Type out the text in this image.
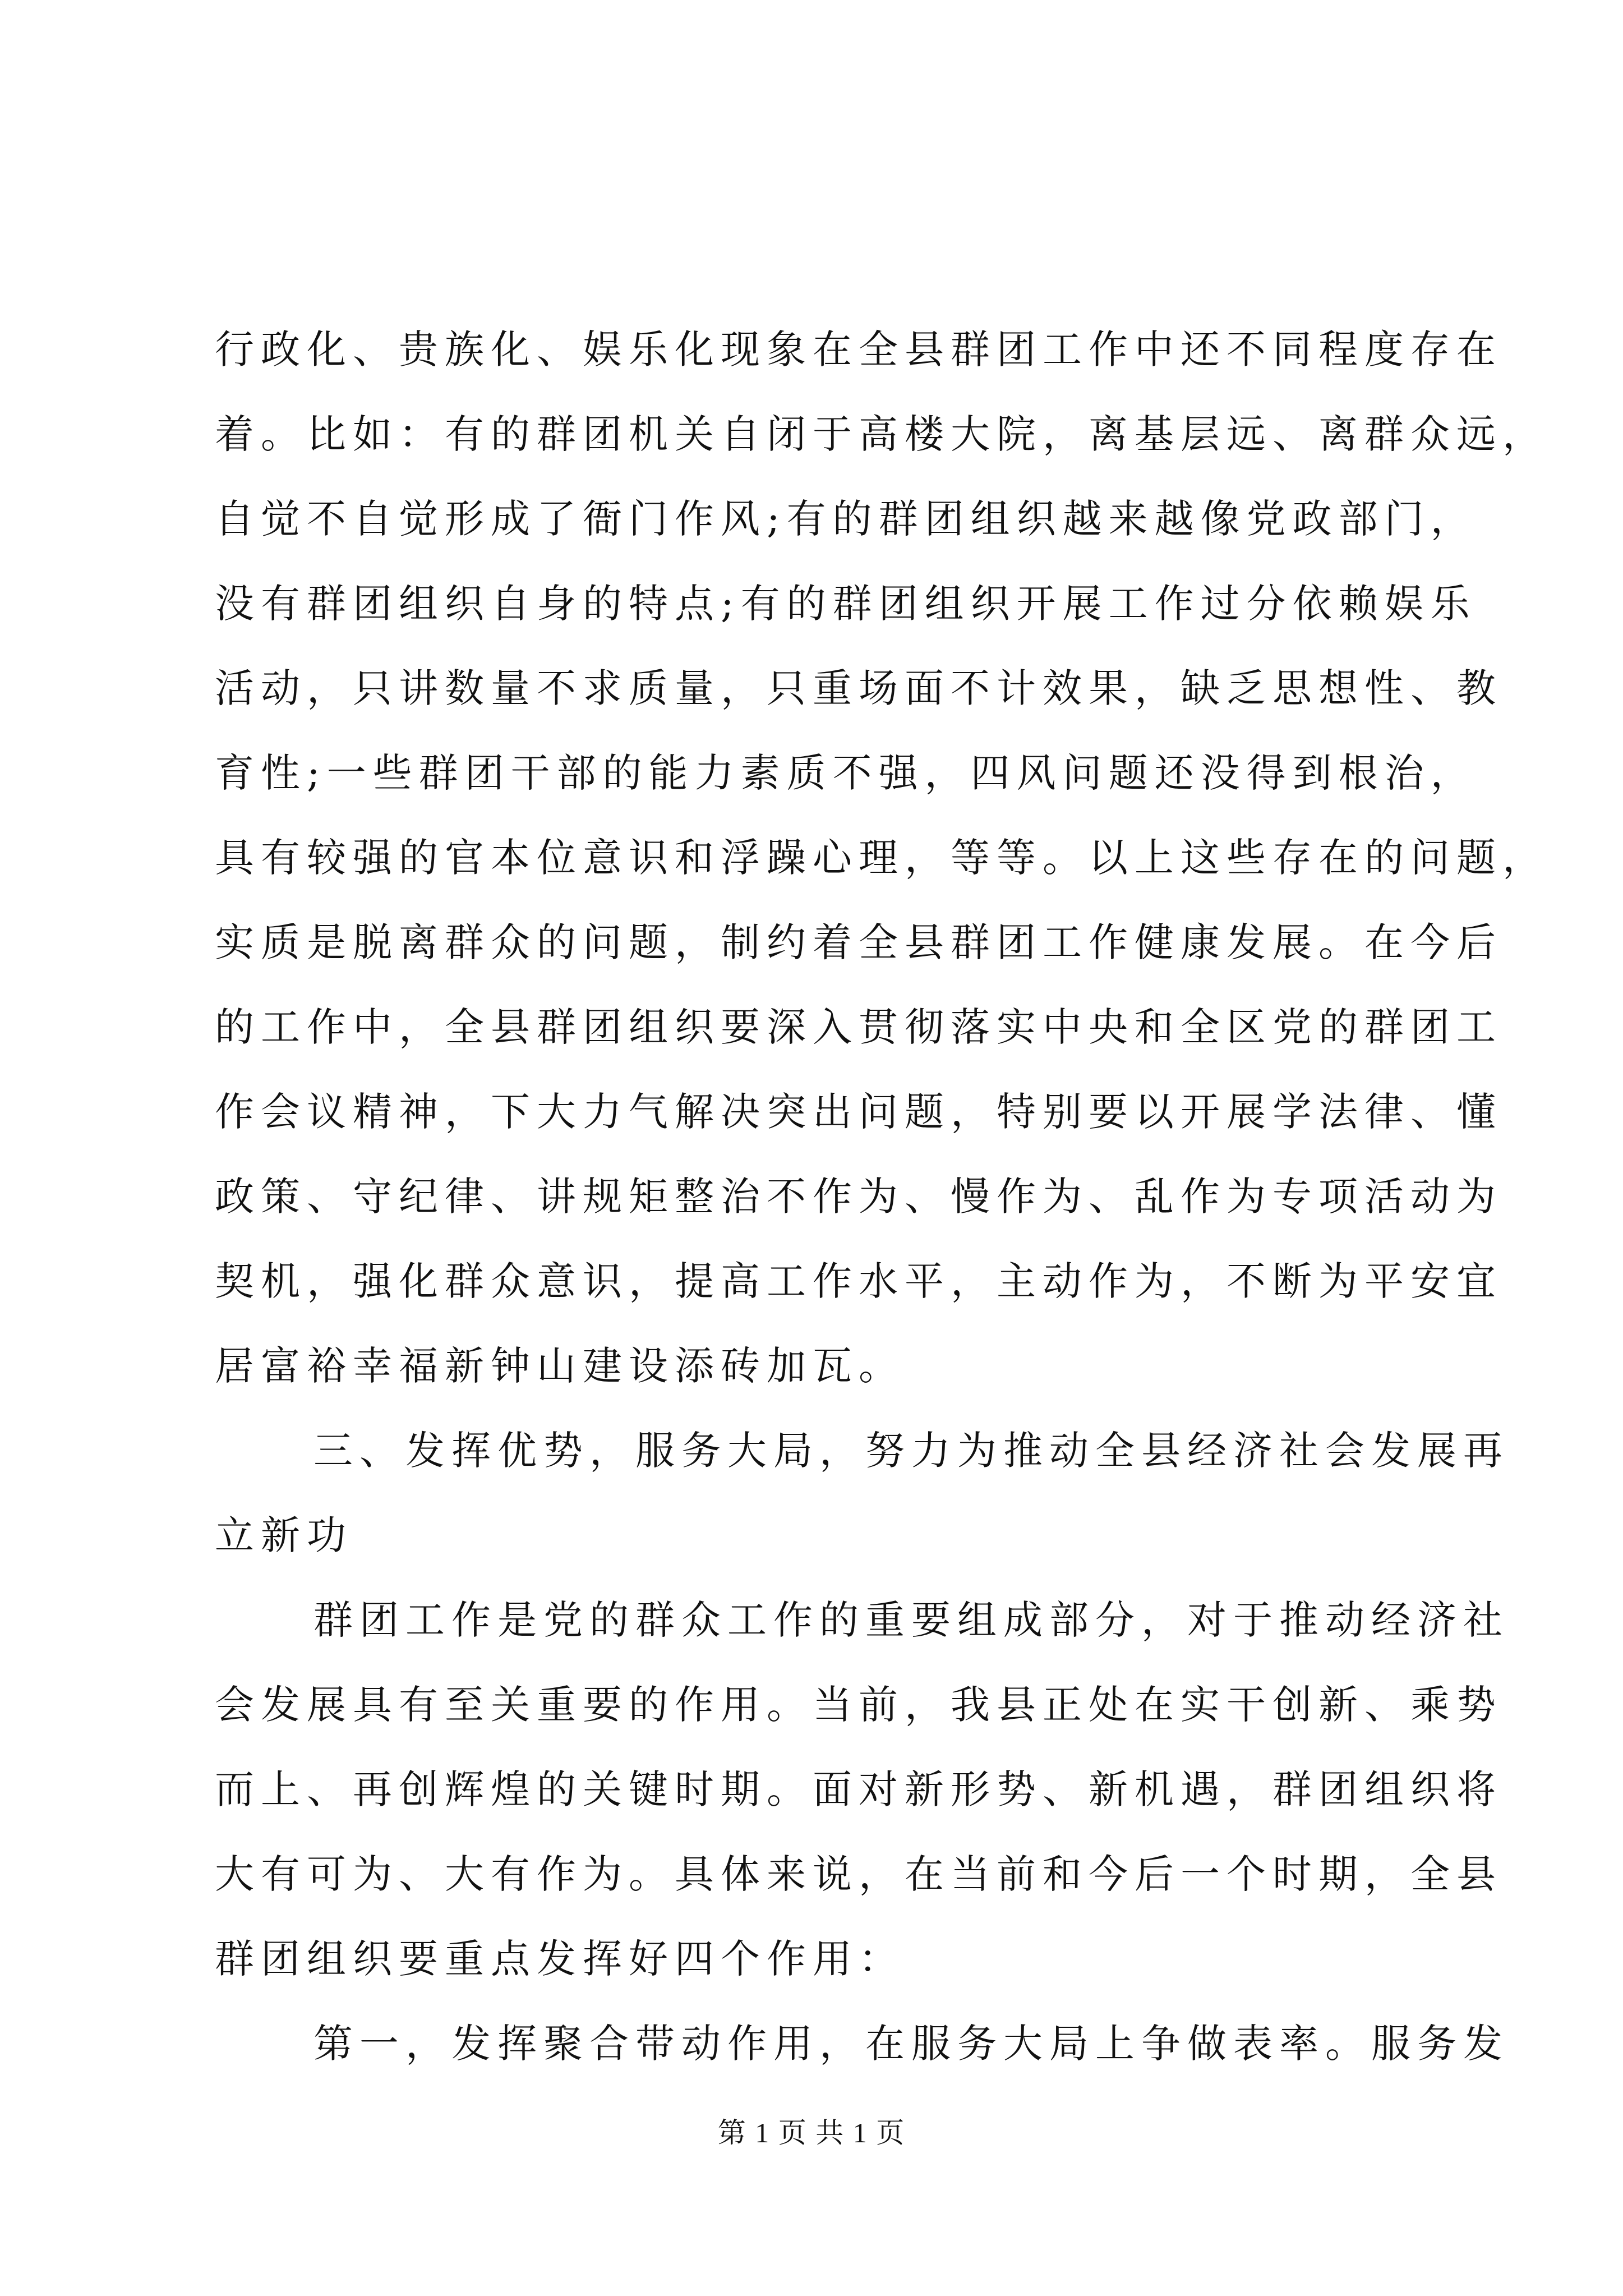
行政化、贵族化、娱乐化现象在全县群团工作中还不同程度存在
着。比如：有的群团机关自闭于高楼大院，离基层远、离群众远，
自觉不自觉形成了衙门作风;有的群团组织越来越像党政部门，
没有群团组织自身的特点;有的群团组织开展工作过分依赖娱乐
活动，只讲数量不求质量，只重场面不计效果，缺乏思想性、教
育性;一些群团干部的能力素质不强，四风问题还没得到根治，
具有较强的官本位意识和浮躁心理，等等。以上这些存在的问题，
实质是脱离群众的问题，制约着全县群团工作健康发展。在今后
的工作中，全县群团组织要深入贯彻落实中央和全区党的群团工
作会议精神，下大力气解决突出问题，特别要以开展学法律、懂
政策、守纪律、讲规矩整治不作为、慢作为、乱作为专项活动为
契机，强化群众意识，提高工作水平，主动作为，不断为平安宜
居富裕幸福新钟山建设添砖加瓦。
三、发挥优势，服务大局，努力为推动全县经济社会发展再
立新功
群团工作是党的群众工作的重要组成部分，对于推动经济社
会发展具有至关重要的作用。当前，我县正处在实干创新、乘势
而上、再创辉煌的关键时期。面对新形势、新机遇，群团组织将
大有可为、大有作为。具体来说，在当前和今后一个时期，全县
群团组织要重点发挥好四个作用：
第一，发挥聚合带动作用，在服务大局上争做表率。服务发
第 1 页 共 1 页
